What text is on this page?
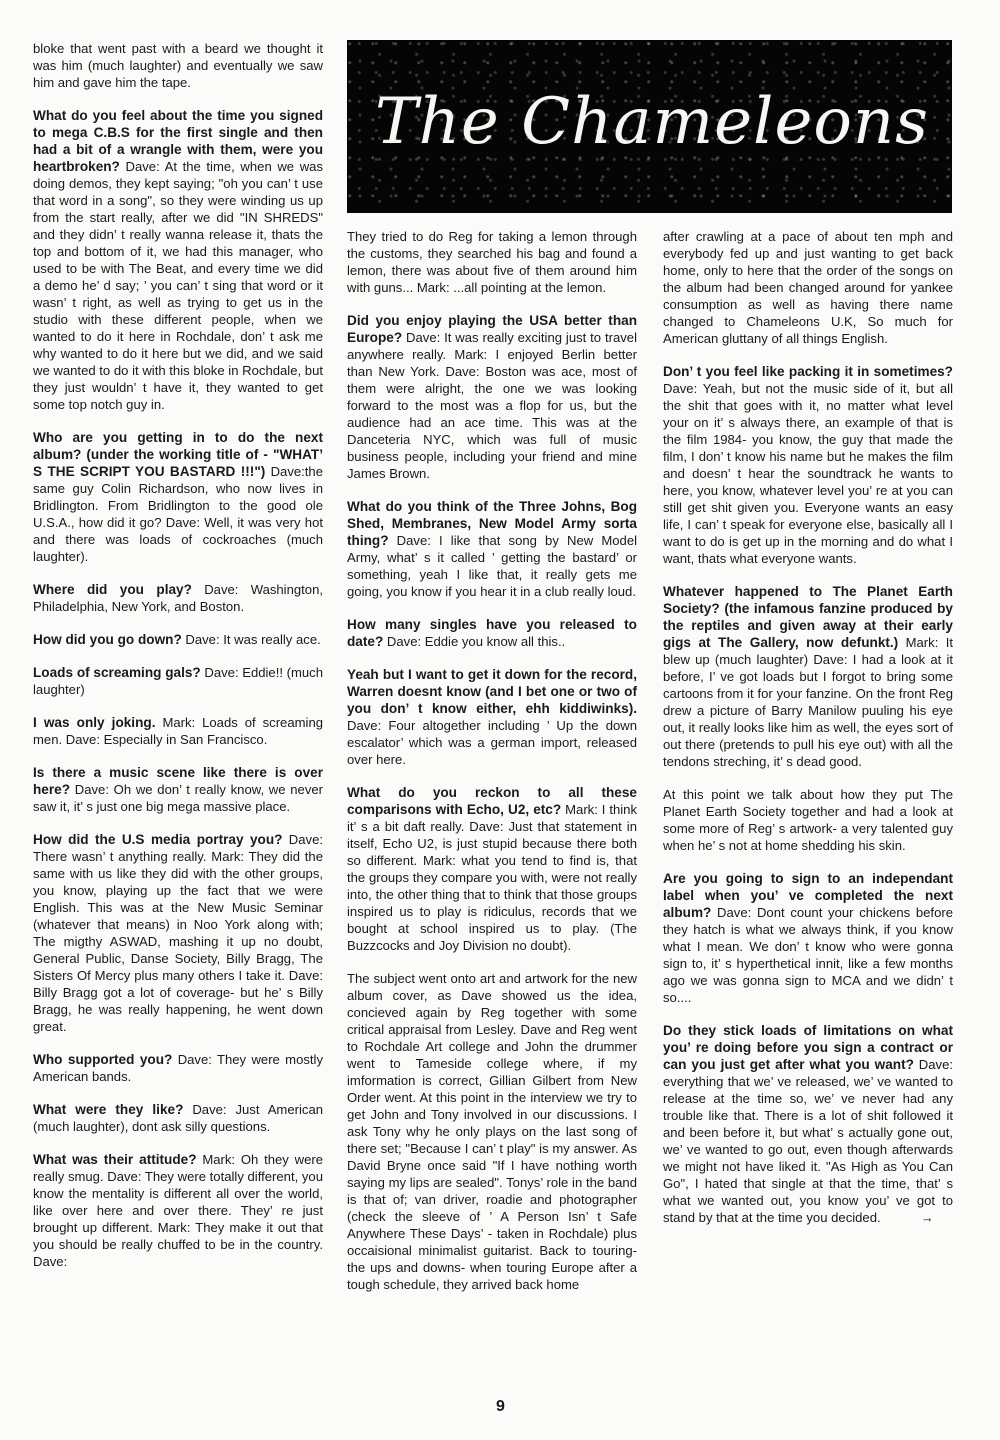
bloke that went past with a beard we thought it was him (much laughter) and eventually we saw him and gave him the tape.

What do you feel about the time you signed to mega C.B.S for the first single and then had a bit of a wrangle with them, were you heartbroken? Dave: At the time, when we was doing demos, they kept saying; "oh you can’ t use that word in a song", so they were winding us up from the start really, after we did "IN SHREDS" and they didn’ t really wanna release it, thats the top and bottom of it, we had this manager, who used to be with The Beat, and every time we did a demo he’ d say; ’ you can’ t sing that word or it wasn’ t right, as well as trying to get us in the studio with these different people, when we wanted to do it here in Rochdale, don’ t ask me why wanted to do it here but we did, and we said we wanted to do it with this bloke in Rochdale, but they just wouldn’ t have it, they wanted to get some top notch guy in.

Who are you getting in to do the next album? (under the working title of - "WHAT’ S THE SCRIPT YOU BASTARD !!!") Dave:the same guy Colin Richardson, who now lives in Bridlington. From Bridlington to the good ole U.S.A., how did it go? Dave: Well, it was very hot and there was loads of cockroaches (much laughter).

Where did you play? Dave: Washington, Philadelphia, New York, and Boston.

How did you go down? Dave: It was really ace.

Loads of screaming gals? Dave: Eddie!! (much laughter)

I was only joking. Mark: Loads of screaming men. Dave: Especially in San Francisco.

Is there a music scene like there is over here? Dave: Oh we don’ t really know, we never saw it, it’ s just one big mega massive place.

How did the U.S media portray you? Dave: There wasn’ t anything really. Mark: They did the same with us like they did with the other groups, you know, playing up the fact that we were English. This was at the New Music Seminar (whatever that means) in Noo York along with; The migthy ASWAD, mashing it up no doubt, General Public, Danse Society, Billy Bragg, The Sisters Of Mercy plus many others I take it. Dave: Billy Bragg got a lot of coverage- but he’ s Billy Bragg, he was really happening, he went down great.

Who supported you? Dave: They were mostly American bands.

What were they like? Dave: Just American (much laughter), dont ask silly questions.

What was their attitude? Mark: Oh they were really smug. Dave: They were totally different, you know the mentality is different all over the world, like over here and over there. They’ re just brought up different. Mark: They make it out that you should be really chuffed to be in the country. Dave:

The Chameleons

They tried to do Reg for taking a lemon through the customs, they searched his bag and found a lemon, there was about five of them around him with guns... Mark: ...all pointing at the lemon.

Did you enjoy playing the USA better than Europe? Dave: It was really exciting just to travel anywhere really. Mark: I enjoyed Berlin better than New York. Dave: Boston was ace, most of them were alright, the one we was looking forward to the most was a flop for us, but the audience had an ace time. This was at the Danceteria NYC, which was full of music business people, including your friend and mine James Brown.

What do you think of the Three Johns, Bog Shed, Membranes, New Model Army sorta thing? Dave: I like that song by New Model Army, what’ s it called ’ getting the bastard’ or something, yeah I like that, it really gets me going, you know if you hear it in a club really loud.

How many singles have you released to date? Dave: Eddie you know all this..

Yeah but I want to get it down for the record, Warren doesnt know (and I bet one or two of you don’ t know either, ehh kiddiwinks). Dave: Four altogether including ’ Up the down escalator’ which was a german import, released over here.

What do you reckon to all these comparisons with Echo, U2, etc? Mark: I think it’ s a bit daft really. Dave: Just that statement in itself, Echo U2, is just stupid because there both so different. Mark: what you tend to find is, that the groups they compare you with, were not really into, the other thing that to think that those groups inspired us to play is ridiculus, records that we bought at school inspired us to play. (The Buzzcocks and Joy Division no doubt).

The subject went onto art and artwork for the new album cover, as Dave showed us the idea, concieved again by Reg together with some critical appraisal from Lesley. Dave and Reg went to Rochdale Art college and John the drummer went to Tameside college where, if my imformation is correct, Gillian Gilbert from New Order went. At this point in the interview we try to get John and Tony involved in our discussions. I ask Tony why he only plays on the last song of there set; "Because I can’ t play" is my answer. As David Bryne once said "If I have nothing worth saying my lips are sealed". Tonys’ role in the band is that of; van driver, roadie and photographer (check the sleeve of ’ A Person Isn’ t Safe Anywhere These Days’ - taken in Rochdale) plus occaisional minimalist guitarist. Back to touring- the ups and downs- when touring Europe after a tough schedule, they arrived back home

after crawling at a pace of about ten mph and everybody fed up and just wanting to get back home, only to here that the order of the songs on the album had been changed around for yankee consumption as well as having there name changed to Chameleons U.K, So much for American gluttany of all things English.

Don’ t you feel like packing it in sometimes? Dave: Yeah, but not the music side of it, but all the shit that goes with it, no matter what level your on it’ s always there, an example of that is the film 1984- you know, the guy that made the film, I don’ t know his name but he makes the film and doesn’ t hear the soundtrack he wants to here, you know, whatever level you’ re at you can still get shit given you. Everyone wants an easy life, I can’ t speak for everyone else, basically all I want to do is get up in the morning and do what I want, thats what everyone wants.

Whatever happened to The Planet Earth Society? (the infamous fanzine produced by the reptiles and given away at their early gigs at The Gallery, now defunkt.) Mark: It blew up (much laughter) Dave: I had a look at it before, I’ ve got loads but I forgot to bring some cartoons from it for your fanzine. On the front Reg drew a picture of Barry Manilow puuling his eye out, it really looks like him as well, the eyes sort of out there (pretends to pull his eye out) with all the tendons streching, it’ s dead good.

At this point we talk about how they put The Planet Earth Society together and had a look at some more of Reg’ s artwork- a very talented guy when he’ s not at home shedding his skin.

Are you going to sign to an independant label when you’ ve completed the next album? Dave: Dont count your chickens before they hatch is what we always think, if you know what I mean. We don’ t know who were gonna sign to, it’ s hyperthetical innit, like a few months ago we was gonna sign to MCA and we didn’ t so....

Do they stick loads of limitations on what you’ re doing before you sign a contract or can you just get after what you want? Dave: everything that we’ ve released, we’ ve wanted to release at the time so, we’ ve never had any trouble like that. There is a lot of shit followed it and been before it, but what’ s actually gone out, we’ ve wanted to go out, even though afterwards we might not have liked it. "As High as You Can Go", I hated that single at that the time, that’ s what we wanted out, you know you’ ve got to stand by that at the time you decided.	→

9
